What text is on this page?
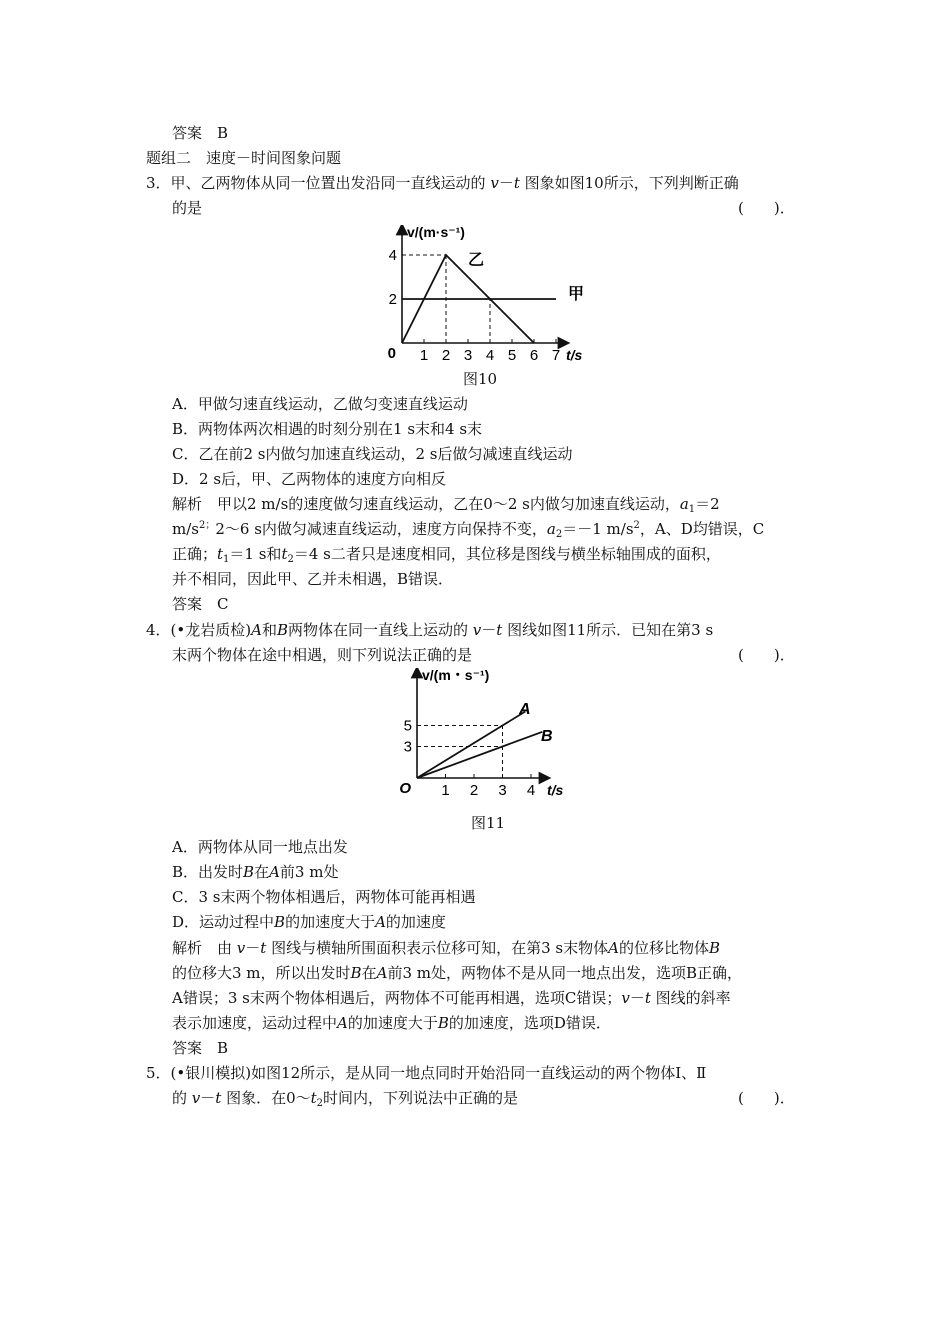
答案　B
题组二　速度－时间图象问题
3．甲、乙两物体从同一位置出发沿同一直线运动的 v－t 图象如图10所示，下列判断正确
的是	(　　)．
1 2 3 4 5 6 7
2
4
0
v/(m·s⁻¹)
t/s
甲
乙
图10
A．甲做匀速直线运动，乙做匀变速直线运动
B．两物体两次相遇的时刻分别在1 s末和4 s末
C．乙在前2 s内做匀加速直线运动，2 s后做匀减速直线运动
D．2 s后，甲、乙两物体的速度方向相反
解析　甲以2 m/s的速度做匀速直线运动，乙在0～2 s内做匀加速直线运动，$a_1=2$
$m/s^{2;}2\sim 6$ s内做匀减速直线运动，速度方向保持不变，$a_2=-1$ $m/s^2$，A、D均错误，C
正确；$t_1=1$ s和$t_2=4$ s二者只是速度相同，其位移是图线与横坐标轴围成的面积，
并不相同，因此甲、乙并未相遇，B错误．
答案　C
4．(•龙岩质检)A和B两物体在同一直线上运动的 v－t 图线如图11所示．已知在第3 s
末两个物体在途中相遇，则下列说法正确的是	(　　)．
1 2 3 4
3
5
O
v/(m・s⁻¹)
t/s
A
B
图11
A．两物体从同一地点出发
B．出发时B在A前3 m处
C．3 s末两个物体相遇后，两物体可能再相遇
D．运动过程中B的加速度大于A的加速度
解析　由 v－t 图线与横轴所围面积表示位移可知，在第3 s末物体A的位移比物体B
的位移大3 m，所以出发时B在A前3 m处，两物体不是从同一地点出发，选项B正确，
A错误；3 s末两个物体相遇后，两物体不可能再相遇，选项C错误；v－t 图线的斜率
表示加速度，运动过程中A的加速度大于B的加速度，选项D错误．
答案　B
5．(•银川模拟)如图12所示，是从同一地点同时开始沿同一直线运动的两个物体Ⅰ、Ⅱ
的 v－t 图象．在$0\sim t_2$时间内，下列说法中正确的是	(　　)．
